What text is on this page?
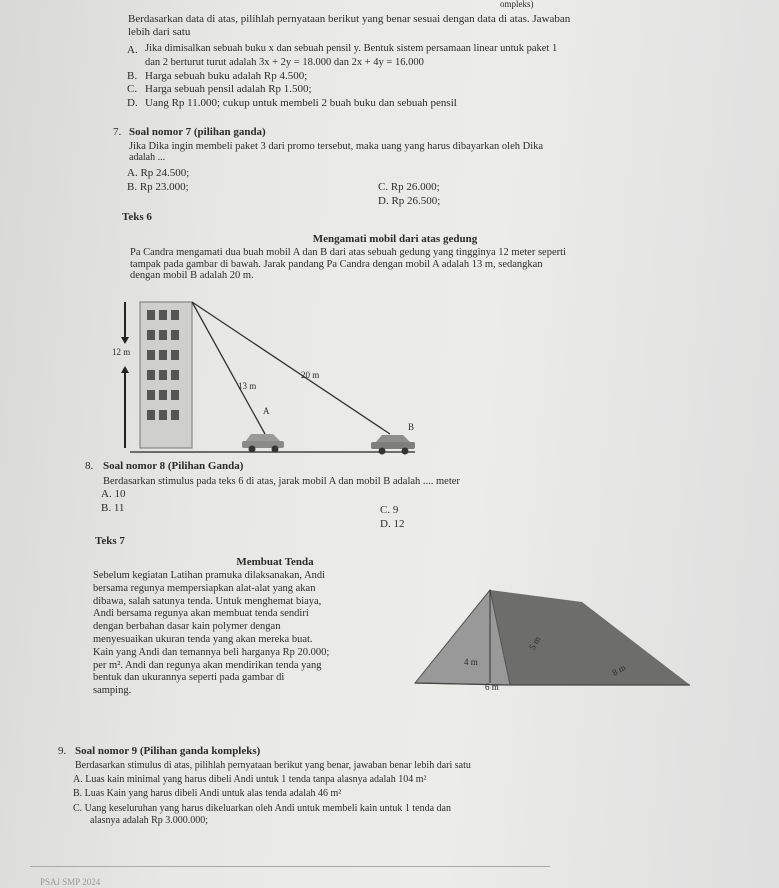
ompleks)
Berdasarkan data di atas, pilihlah pernyataan berikut yang benar sesuai dengan data di atas. Jawaban
lebih dari satu
A. Jika dimisalkan sebuah buku x dan sebuah pensil y. Bentuk sistem persamaan linear untuk paket 1
dan 2 berturut turut adalah 3x + 2y = 18.000 dan 2x + 4y = 16.000
B. Harga sebuah buku adalah Rp 4.500;
C. Harga sebuah pensil adalah Rp 1.500;
D. Uang Rp 11.000; cukup untuk membeli 2 buah buku dan sebuah pensil
7. Soal nomor 7 (pilihan ganda)
Jika Dika ingin membeli paket 3 dari promo tersebut, maka uang yang harus dibayarkan oleh Dika
adalah ...
A. Rp 24.500;
B. Rp 23.000;	C. Rp 26.000;
D. Rp 26.500;
Teks 6
Mengamati mobil dari atas gedung
Pa Candra mengamati dua buah mobil A dan B dari atas sebuah gedung yang tingginya 12 meter seperti
tampak pada gambar di bawah. Jarak pandang Pa Candra dengan mobil A adalah 13 m, sedangkan
dengan mobil B adalah 20 m.
12 m
13 m
20 m
A
B
8. Soal nomor 8 (Pilihan Ganda)
Berdasarkan stimulus pada teks 6 di atas, jarak mobil A dan mobil B adalah .... meter
A. 10
B. 11	C. 9
D. 12
Teks 7
Membuat Tenda
Sebelum kegiatan Latihan pramuka dilaksanakan, Andi
bersama regunya mempersiapkan alat-alat yang akan
dibawa, salah satunya tenda. Untuk menghemat biaya,
Andi bersama regunya akan membuat tenda sendiri
dengan berbahan dasar kain polymer dengan
menyesuaikan ukuran tenda yang akan mereka buat.
Kain yang Andi dan temannya beli harganya Rp 20.000;
per m². Andi dan regunya akan mendirikan tenda yang
bentuk dan ukurannya seperti pada gambar di
samping.
4 m
5 m
6 m
8 m
9. Soal nomor 9 (Pilihan ganda kompleks)
Berdasarkan stimulus di atas, pilihlah pernyataan berikut yang benar, jawaban benar lebih dari satu
A. Luas kain minimal yang harus dibeli Andi untuk 1 tenda tanpa alasnya adalah 104 m²
B. Luas Kain yang harus dibeli Andi untuk alas tenda adalah 46 m²
C. Uang keseluruhan yang harus dikeluarkan oleh Andi untuk membeli kain untuk 1 tenda dan
alasnya adalah Rp 3.000.000;
PSAJ SMP 2024
